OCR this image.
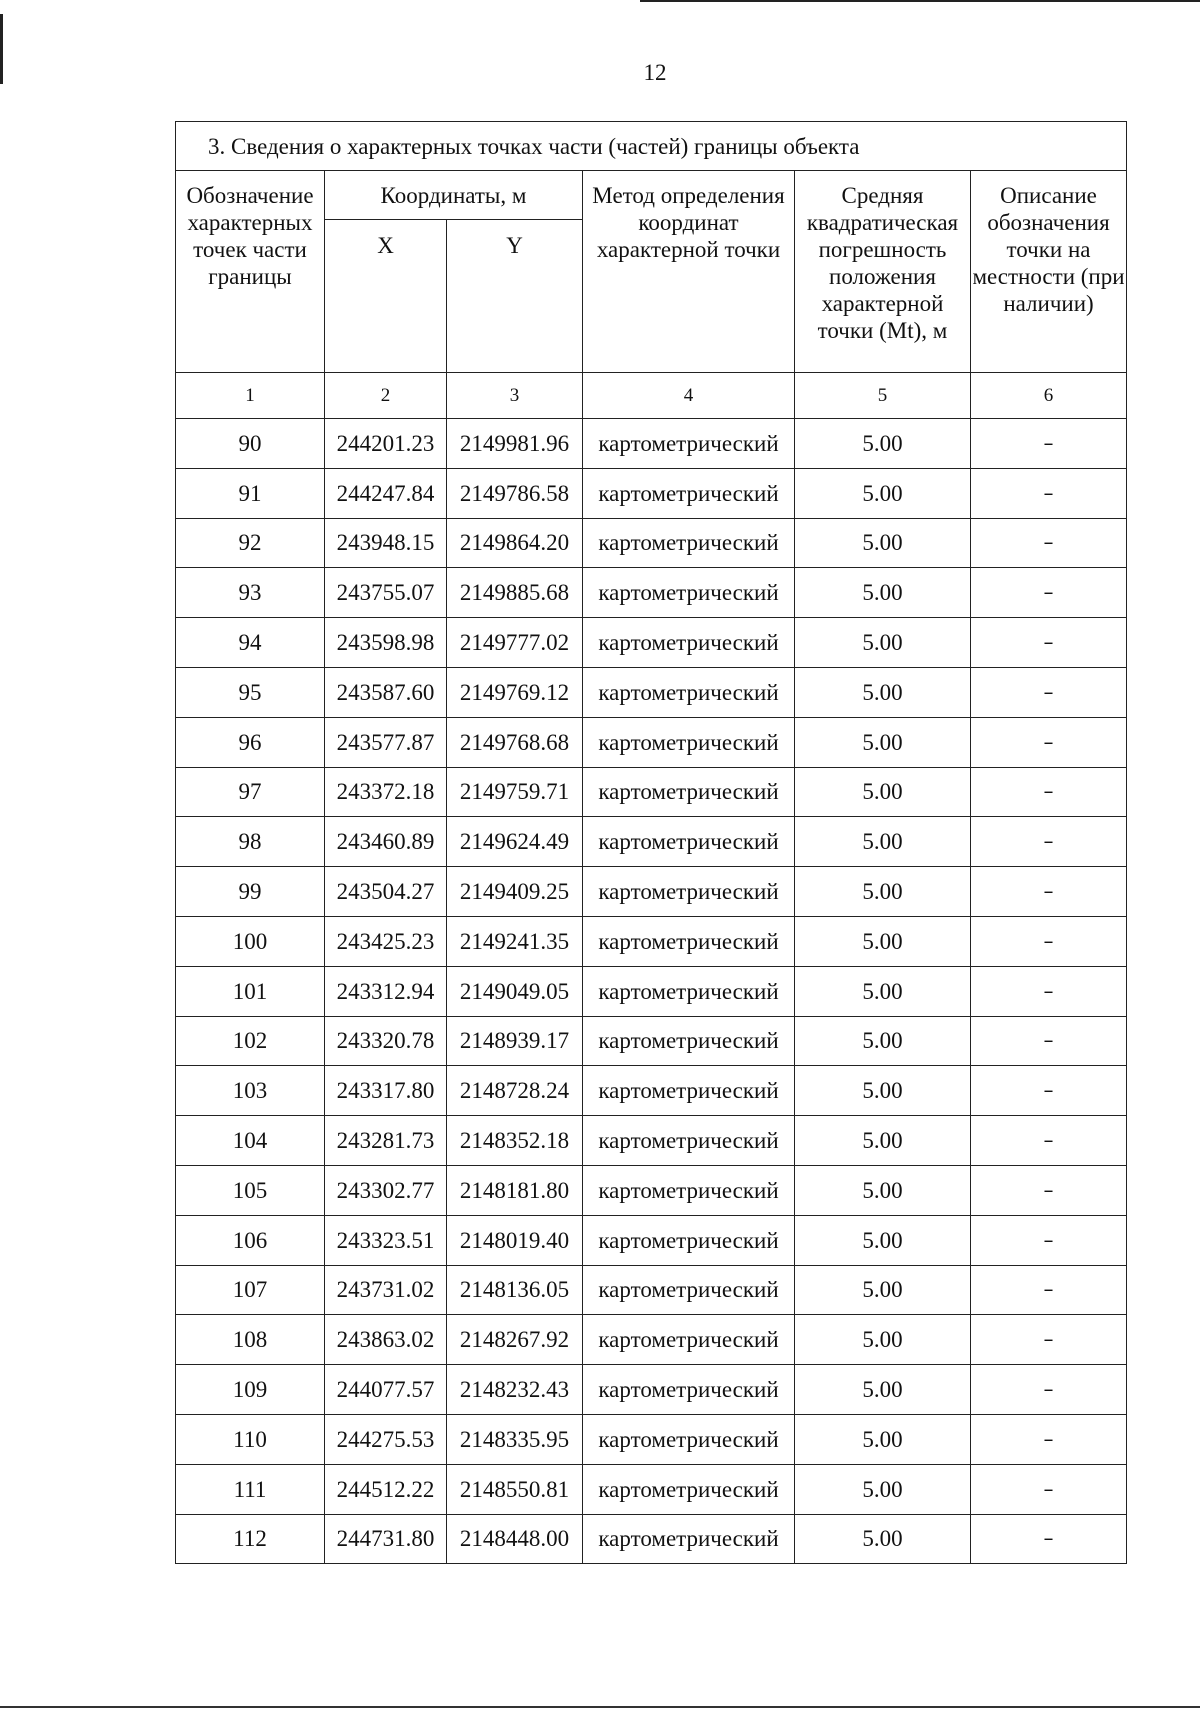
12
3. Сведения о характерных точках части (частей) границы объекта					
Обозначение характерных точек части границы	Координаты, м		Метод определения координат характерной точки	Средняя квадратическая погрешность положения характерной точки (Mt), м	Описание обозначения точки на местности (при наличии)
	X	Y			
1	2	3	4	5	6
90	244201.23	2149981.96	картометрический	5.00	–
91	244247.84	2149786.58	картометрический	5.00	–
92	243948.15	2149864.20	картометрический	5.00	–
93	243755.07	2149885.68	картометрический	5.00	–
94	243598.98	2149777.02	картометрический	5.00	–
95	243587.60	2149769.12	картометрический	5.00	–
96	243577.87	2149768.68	картометрический	5.00	–
97	243372.18	2149759.71	картометрический	5.00	–
98	243460.89	2149624.49	картометрический	5.00	–
99	243504.27	2149409.25	картометрический	5.00	–
100	243425.23	2149241.35	картометрический	5.00	–
101	243312.94	2149049.05	картометрический	5.00	–
102	243320.78	2148939.17	картометрический	5.00	–
103	243317.80	2148728.24	картометрический	5.00	–
104	243281.73	2148352.18	картометрический	5.00	–
105	243302.77	2148181.80	картометрический	5.00	–
106	243323.51	2148019.40	картометрический	5.00	–
107	243731.02	2148136.05	картометрический	5.00	–
108	243863.02	2148267.92	картометрический	5.00	–
109	244077.57	2148232.43	картометрический	5.00	–
110	244275.53	2148335.95	картометрический	5.00	–
111	244512.22	2148550.81	картометрический	5.00	–
112	244731.80	2148448.00	картометрический	5.00	–
